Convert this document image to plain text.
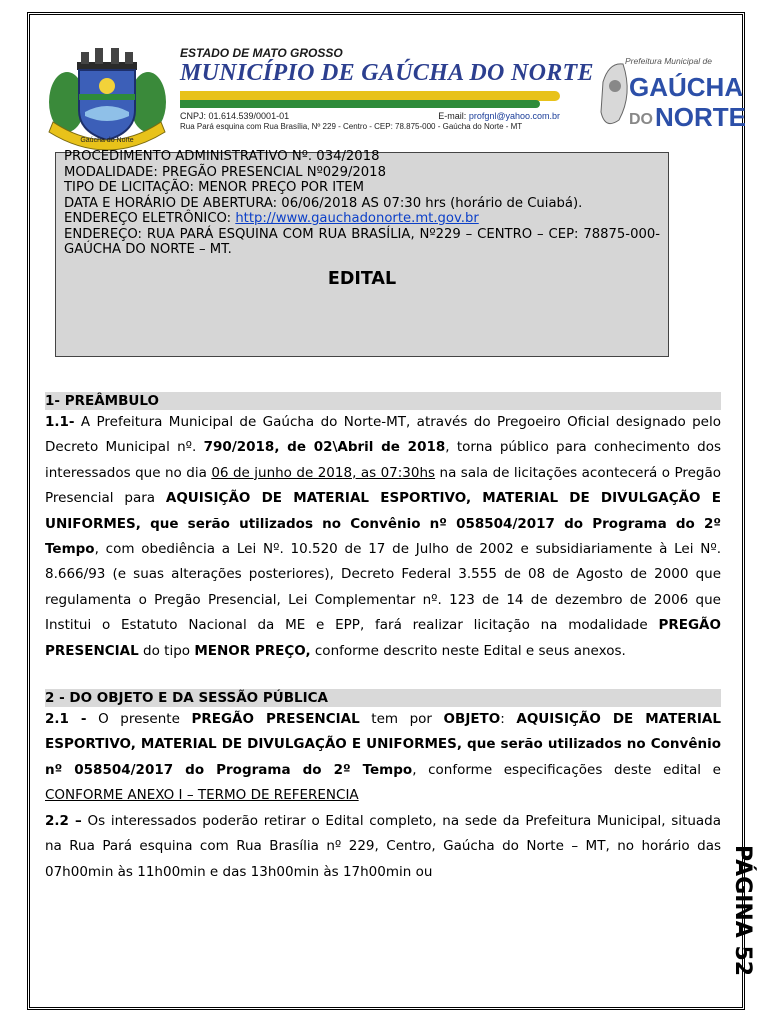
Gaúcha do Norte
ESTADO DE MATO GROSSO
MUNICÍPIO DE GAÚCHA DO NORTE
CNPJ: 01.614.539/0001-01	E-mail: profgnl@yahoo.com.br
Rua Pará esquina com Rua Brasília, Nº 229 - Centro - CEP: 78.875-000 - Gaúcha do Norte - MT
Prefeitura Municipal de
GAÚCHA
DO NORTE

PROCEDIMENTO ADMINISTRATIVO Nº. 034/2018

MODALIDADE: PREGÃO PRESENCIAL Nº029/2018

TIPO DE LICITAÇÃO: MENOR PREÇO POR ITEM

DATA E HORÁRIO DE ABERTURA: 06/06/2018 AS 07:30 hrs (horário de Cuiabá).

ENDEREÇO ELETRÔNICO: http://www.gauchadonorte.mt.gov.br

ENDEREÇO: RUA PARÁ ESQUINA COM RUA BRASÍLIA, Nº229 – CENTRO – CEP: 78875-000-GAÚCHA DO NORTE – MT.

EDITAL
1- PREÂMBULO

1.1- A Prefeitura Municipal de Gaúcha do Norte-MT, através do Pregoeiro Oficial designado pelo Decreto Municipal nº. 790/2018, de 02\Abril de 2018, torna público para conhecimento dos interessados que no dia 06 de junho de 2018, as 07:30hs na sala de licitações acontecerá o Pregão Presencial para AQUISIÇÃO DE MATERIAL ESPORTIVO, MATERIAL DE DIVULGAÇÃO E UNIFORMES, que serão utilizados no Convênio nº 058504/2017 do Programa do 2º Tempo, com obediência a Lei Nº. 10.520 de 17 de Julho de 2002 e subsidiariamente à Lei Nº. 8.666/93 (e suas alterações posteriores), Decreto Federal 3.555 de 08 de Agosto de 2000 que regulamenta o Pregão Presencial, Lei Complementar nº. 123 de 14 de dezembro de 2006 que Institui o Estatuto Nacional da ME e EPP, fará realizar licitação na modalidade PREGÃO PRESENCIAL do tipo MENOR PREÇO, conforme descrito neste Edital e seus anexos.

2 - DO OBJETO E DA SESSÃO PÚBLICA

2.1 - O presente PREGÃO PRESENCIAL tem por OBJETO: AQUISIÇÃO DE MATERIAL ESPORTIVO, MATERIAL DE DIVULGAÇÃO E UNIFORMES, que serão utilizados no Convênio nº 058504/2017 do Programa do 2º Tempo, conforme especificações deste edital e CONFORME ANEXO I – TERMO DE REFERENCIA

2.2 – Os interessados poderão retirar o Edital completo, na sede da Prefeitura Municipal, situada na Rua Pará esquina com Rua Brasília nº 229, Centro, Gaúcha do Norte – MT, no horário das 07h00min às 11h00min e das 13h00min às 17h00min ou	PÁGINA 52
